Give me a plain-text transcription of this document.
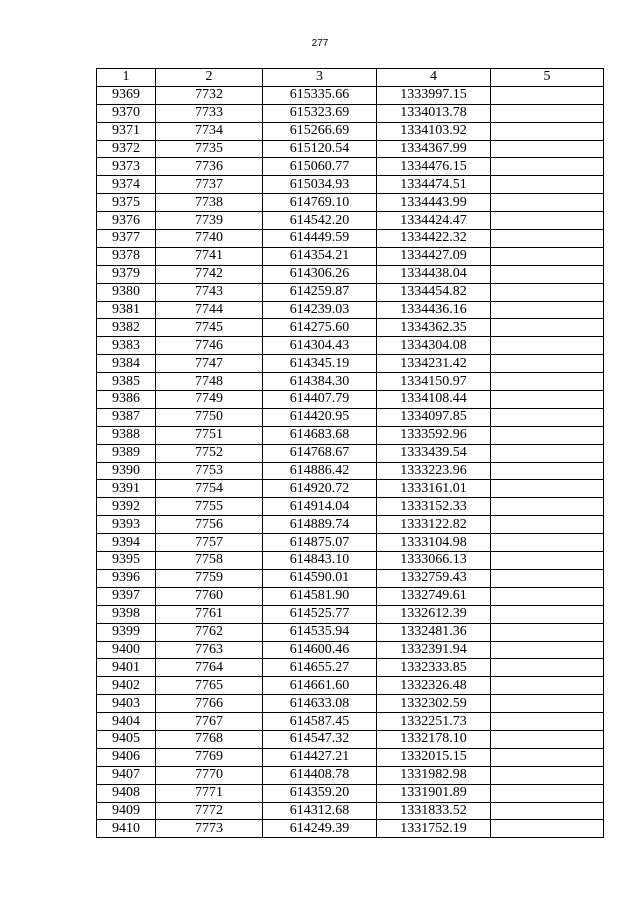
277
1	2	3	4	5
9369	7732	615335.66	1333997.15	
9370	7733	615323.69	1334013.78	
9371	7734	615266.69	1334103.92	
9372	7735	615120.54	1334367.99	
9373	7736	615060.77	1334476.15	
9374	7737	615034.93	1334474.51	
9375	7738	614769.10	1334443.99	
9376	7739	614542.20	1334424.47	
9377	7740	614449.59	1334422.32	
9378	7741	614354.21	1334427.09	
9379	7742	614306.26	1334438.04	
9380	7743	614259.87	1334454.82	
9381	7744	614239.03	1334436.16	
9382	7745	614275.60	1334362.35	
9383	7746	614304.43	1334304.08	
9384	7747	614345.19	1334231.42	
9385	7748	614384.30	1334150.97	
9386	7749	614407.79	1334108.44	
9387	7750	614420.95	1334097.85	
9388	7751	614683.68	1333592.96	
9389	7752	614768.67	1333439.54	
9390	7753	614886.42	1333223.96	
9391	7754	614920.72	1333161.01	
9392	7755	614914.04	1333152.33	
9393	7756	614889.74	1333122.82	
9394	7757	614875.07	1333104.98	
9395	7758	614843.10	1333066.13	
9396	7759	614590.01	1332759.43	
9397	7760	614581.90	1332749.61	
9398	7761	614525.77	1332612.39	
9399	7762	614535.94	1332481.36	
9400	7763	614600.46	1332391.94	
9401	7764	614655.27	1332333.85	
9402	7765	614661.60	1332326.48	
9403	7766	614633.08	1332302.59	
9404	7767	614587.45	1332251.73	
9405	7768	614547.32	1332178.10	
9406	7769	614427.21	1332015.15	
9407	7770	614408.78	1331982.98	
9408	7771	614359.20	1331901.89	
9409	7772	614312.68	1331833.52	
9410	7773	614249.39	1331752.19	
